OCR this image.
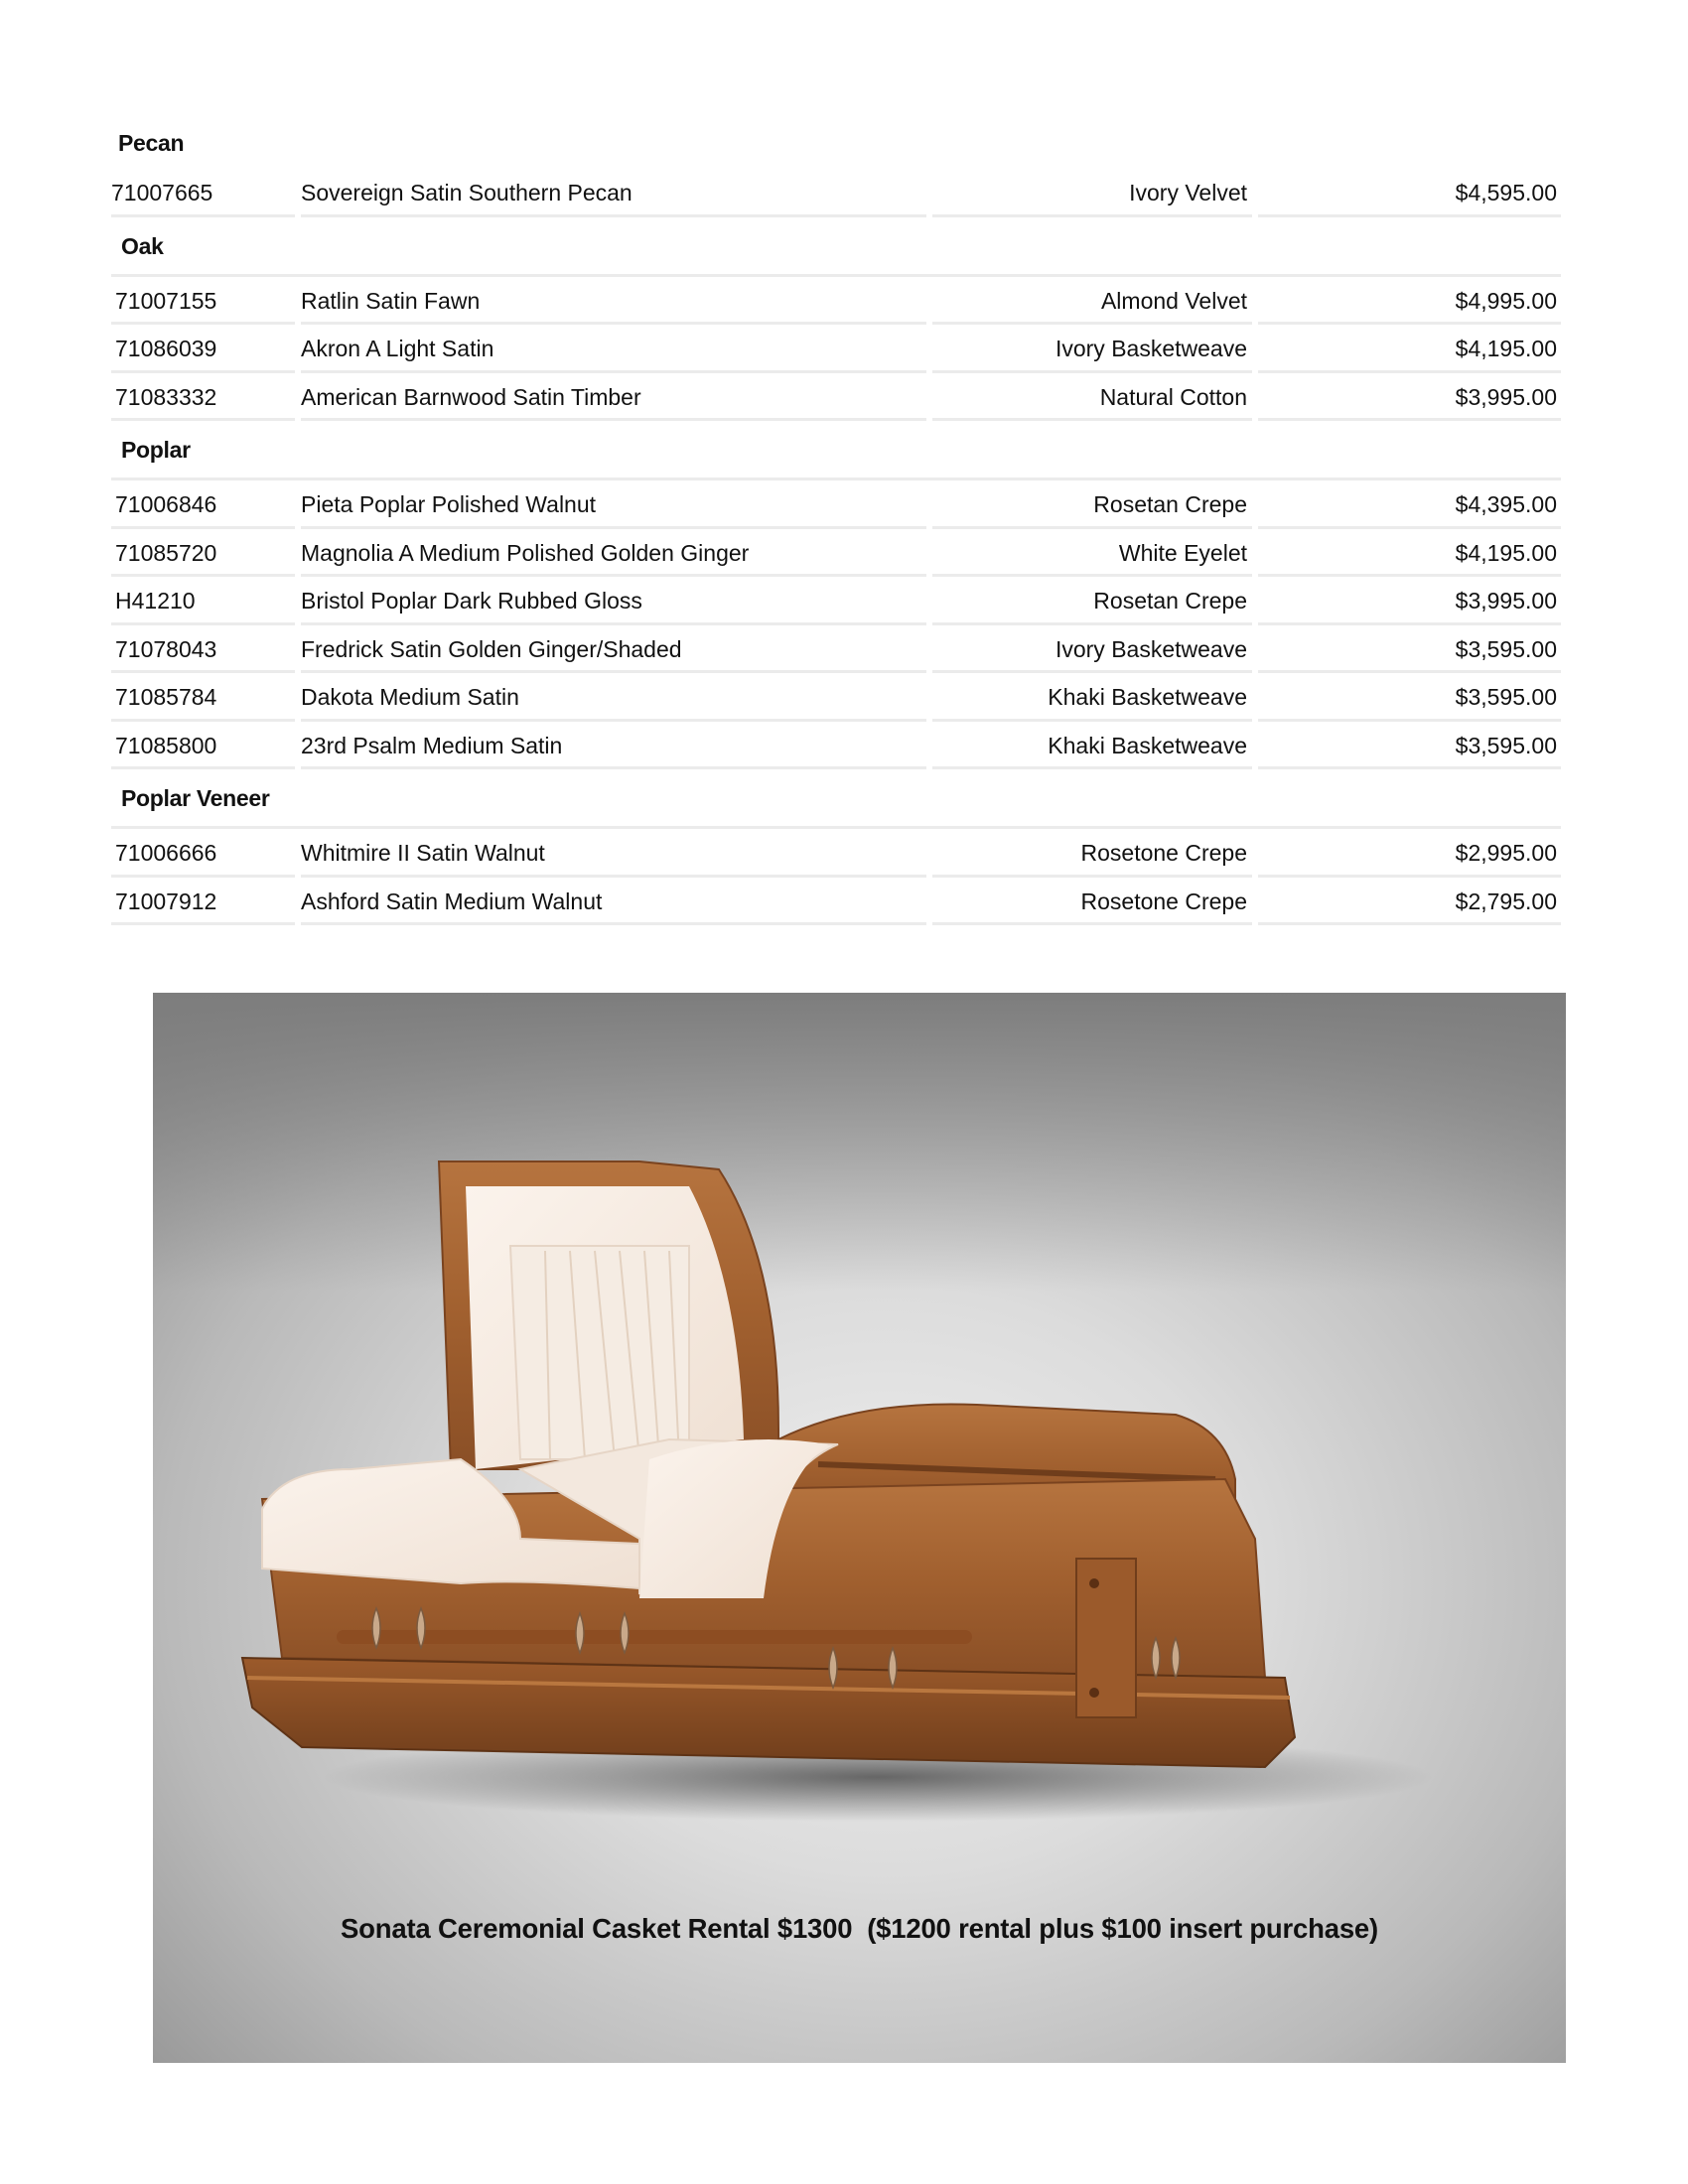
Pecan
71007665	Sovereign Satin Southern Pecan	Ivory Velvet	$4,595.00
Oak
71007155	Ratlin Satin Fawn	Almond Velvet	$4,995.00
71086039	Akron A Light Satin	Ivory Basketweave	$4,195.00
71083332	American Barnwood Satin Timber	Natural Cotton	$3,995.00
Poplar
71006846	Pieta Poplar Polished Walnut	Rosetan Crepe	$4,395.00
71085720	Magnolia A Medium Polished Golden Ginger	White Eyelet	$4,195.00
H41210	Bristol Poplar Dark Rubbed Gloss	Rosetan Crepe	$3,995.00
71078043	Fredrick Satin Golden Ginger/Shaded	Ivory Basketweave	$3,595.00
71085784	Dakota Medium Satin	Khaki Basketweave	$3,595.00
71085800	23rd Psalm Medium Satin	Khaki Basketweave	$3,595.00
Poplar Veneer
71006666	Whitmire II Satin Walnut	Rosetone Crepe	$2,995.00
71007912	Ashford Satin Medium Walnut	Rosetone Crepe	$2,795.00
Sonata Ceremonial Casket Rental $1300  ($1200 rental plus $100 insert purchase)
